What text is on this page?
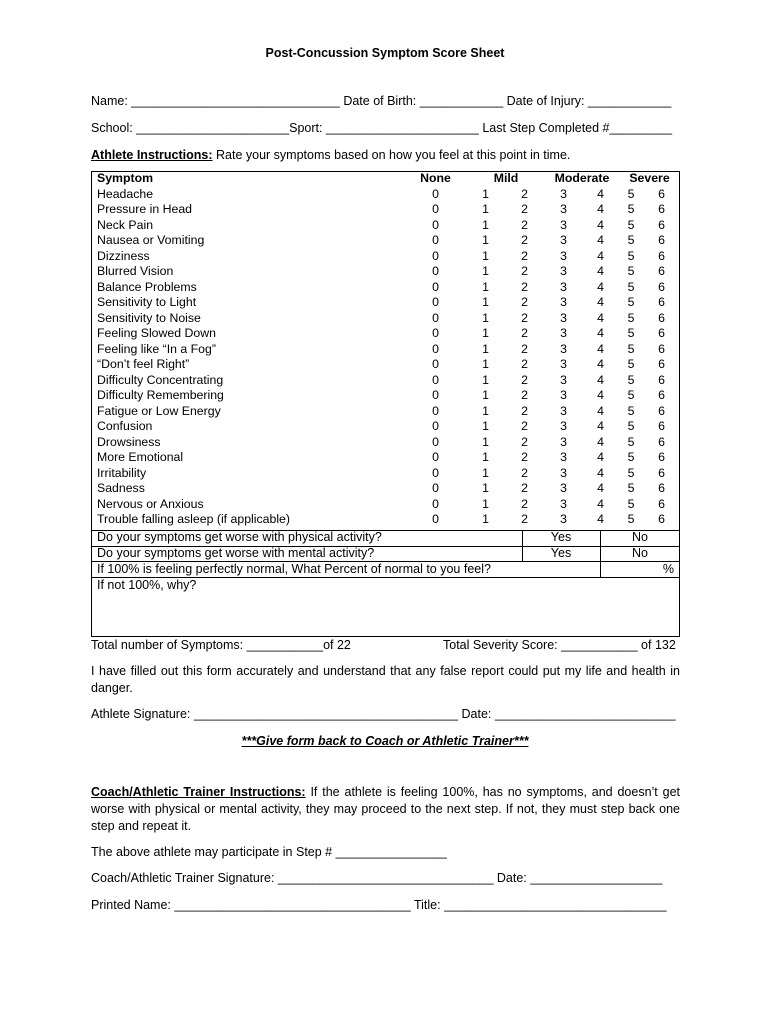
Post-Concussion Symptom Score Sheet
Name: ______________________________ Date of Birth: ____________ Date of Injury: ____________
School: ______________________Sport: ______________________ Last Step Completed #_________
Athlete Instructions: Rate your symptoms based on how you feel at this point in time.
Symptom	None	Mild		Moderate		Severe	
Headache	0	1	2	3	4	5	6
Pressure in Head	0	1	2	3	4	5	6
Neck Pain	0	1	2	3	4	5	6
Nausea or Vomiting	0	1	2	3	4	5	6
Dizziness	0	1	2	3	4	5	6
Blurred Vision	0	1	2	3	4	5	6
Balance Problems	0	1	2	3	4	5	6
Sensitivity to Light	0	1	2	3	4	5	6
Sensitivity to Noise	0	1	2	3	4	5	6
Feeling Slowed Down	0	1	2	3	4	5	6
Feeling like “In a Fog”	0	1	2	3	4	5	6
“Don’t feel Right”	0	1	2	3	4	5	6
Difficulty Concentrating	0	1	2	3	4	5	6
Difficulty Remembering	0	1	2	3	4	5	6
Fatigue or Low Energy	0	1	2	3	4	5	6
Confusion	0	1	2	3	4	5	6
Drowsiness	0	1	2	3	4	5	6
More Emotional	0	1	2	3	4	5	6
Irritability	0	1	2	3	4	5	6
Sadness	0	1	2	3	4	5	6
Nervous or Anxious	0	1	2	3	4	5	6
Trouble falling asleep (if applicable)	0	1	2	3	4	5	6
Do your symptoms get worse with physical activity?	Yes	No
Do your symptoms get worse with mental activity?	Yes	No
If 100% is feeling perfectly normal, What Percent of normal to you feel?	%
If not 100%, why?
Total number of Symptoms: ___________of 22	Total Severity Score: ___________ of 132
I have filled out this form accurately and understand that any false report could put my life and health in danger.
Athlete Signature: ______________________________________ Date: __________________________
***Give form back to Coach or Athletic Trainer***
Coach/Athletic Trainer Instructions: If the athlete is feeling 100%, has no symptoms, and doesn’t get worse with physical or mental activity, they may proceed to the next step. If not, they must step back one step and repeat it.
The above athlete may participate in Step # ________________
Coach/Athletic Trainer Signature: _______________________________ Date: ___________________
Printed Name: __________________________________ Title: ________________________________
